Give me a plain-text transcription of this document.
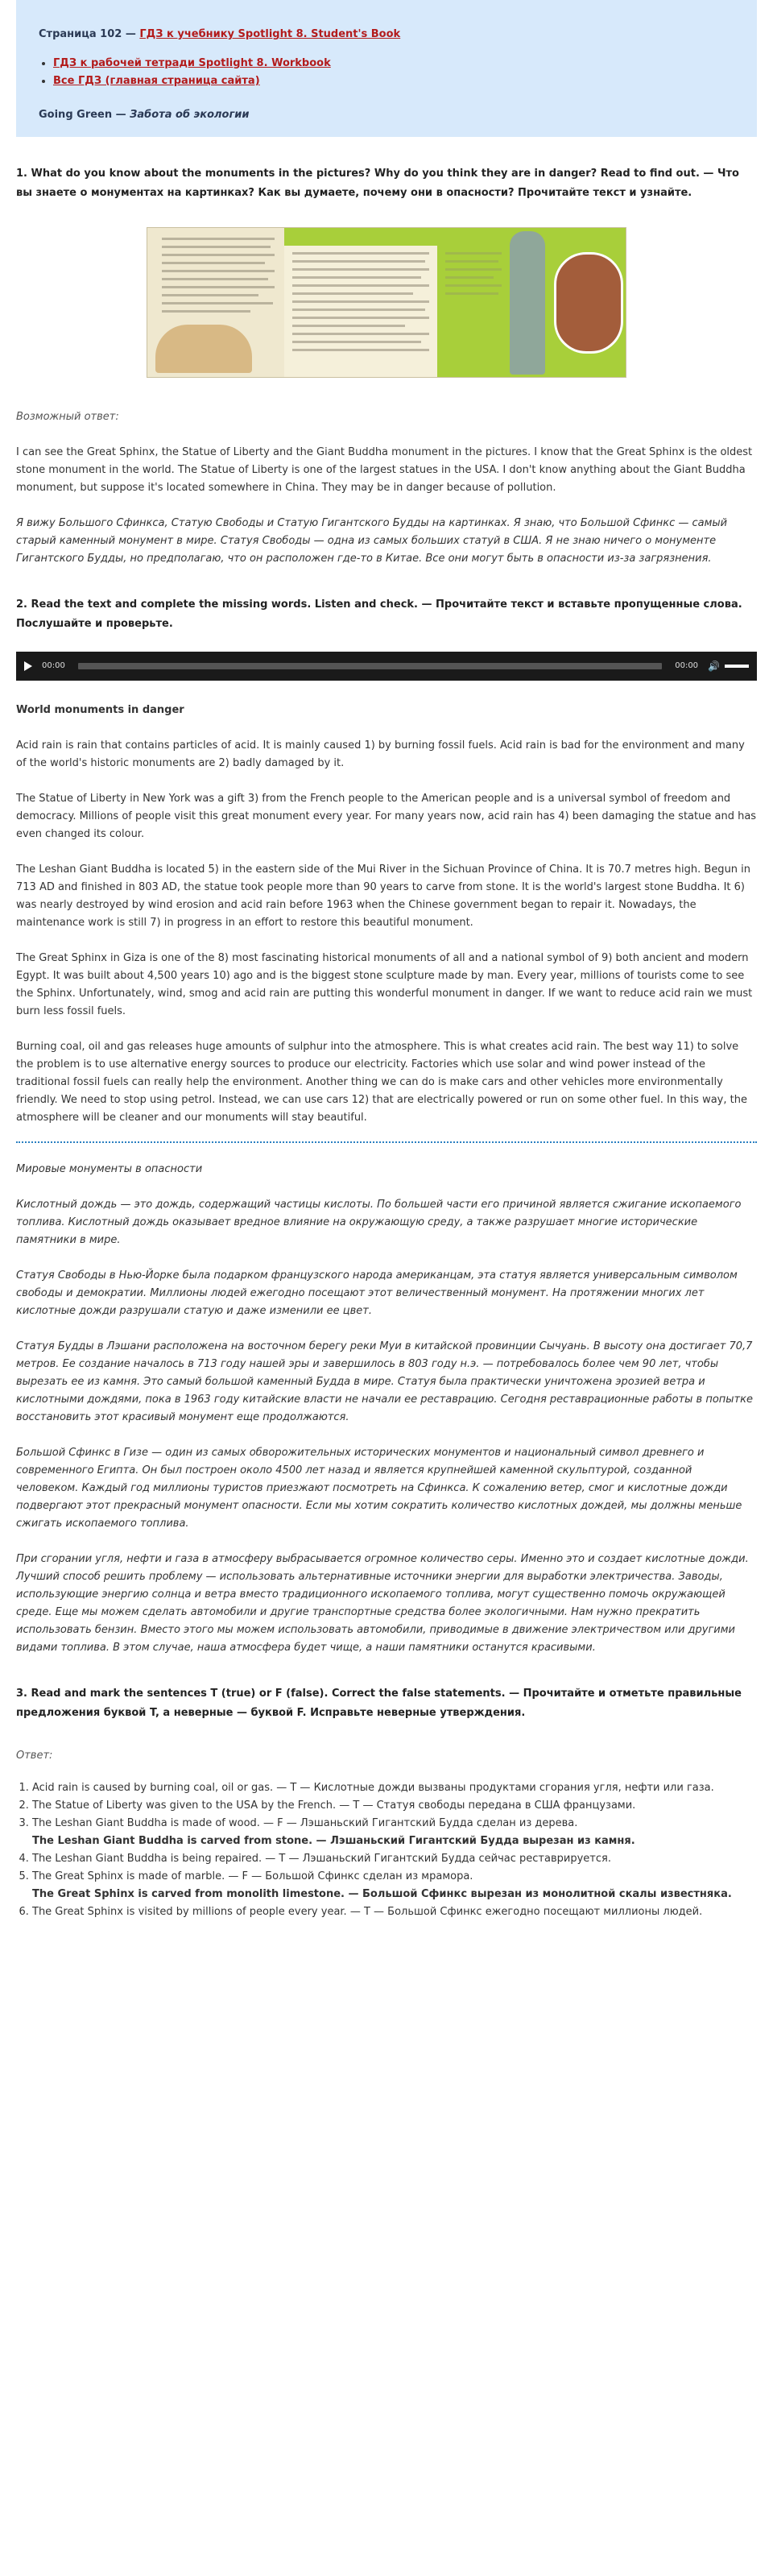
Страница 102 — ГДЗ к учебнику Spotlight 8. Student's Book
• ГДЗ к рабочей тетради Spotlight 8. Workbook
• Все ГДЗ (главная страница сайта)
Going Green — Забота об экологии
1. What do you know about the monuments in the pictures? Why do you think they are in danger? Read to find out. — Что вы знаете о монументах на картинках? Как вы думаете, почему они в опасности? Прочитайте текст и узнайте.

Возможный ответ:

I can see the Great Sphinx, the Statue of Liberty and the Giant Buddha monument in the pictures. I know that the Great Sphinx is the oldest stone monument in the world. The Statue of Liberty is one of the largest statues in the USA. I don't know anything about the Giant Buddha monument, but suppose it's located somewhere in China. They may be in danger because of pollution.

Я вижу Большого Сфинкса, Статую Свободы и Статую Гигантского Будды на картинках. Я знаю, что Большой Сфинкс — самый старый каменный монумент в мире. Статуя Свободы — одна из самых больших статуй в США. Я не знаю ничего о монументе Гигантского Будды, но предполагаю, что он расположен где-то в Китае. Все они могут быть в опасности из-за загрязнения.

2. Read the text and complete the missing words. Listen and check. — Прочитайте текст и вставьте пропущенные слова. Послушайте и проверьте.
00:00	00:00 🔊
World monuments in danger

Acid rain is rain that contains particles of acid. It is mainly caused 1) by burning fossil fuels. Acid rain is bad for the environment and many of the world's historic monuments are 2) badly damaged by it.

The Statue of Liberty in New York was a gift 3) from the French people to the American people and is a universal symbol of freedom and democracy. Millions of people visit this great monument every year. For many years now, acid rain has 4) been damaging the statue and has even changed its colour.

The Leshan Giant Buddha is located 5) in the eastern side of the Mui River in the Sichuan Province of China. It is 70.7 metres high. Begun in 713 AD and finished in 803 AD, the statue took people more than 90 years to carve from stone. It is the world's largest stone Buddha. It 6) was nearly destroyed by wind erosion and acid rain before 1963 when the Chinese government began to repair it. Nowadays, the maintenance work is still 7) in progress in an effort to restore this beautiful monument.

The Great Sphinx in Giza is one of the 8) most fascinating historical monuments of all and a national symbol of 9) both ancient and modern Egypt. It was built about 4,500 years 10) ago and is the biggest stone sculpture made by man. Every year, millions of tourists come to see the Sphinx. Unfortunately, wind, smog and acid rain are putting this wonderful monument in danger. If we want to reduce acid rain we must burn less fossil fuels.

Burning coal, oil and gas releases huge amounts of sulphur into the atmosphere. This is what creates acid rain. The best way 11) to solve the problem is to use alternative energy sources to produce our electricity. Factories which use solar and wind power instead of the traditional fossil fuels can really help the environment. Another thing we can do is make cars and other vehicles more environmentally friendly. We need to stop using petrol. Instead, we can use cars 12) that are electrically powered or run on some other fuel. In this way, the atmosphere will be cleaner and our monuments will stay beautiful.

Мировые монументы в опасности

Кислотный дождь — это дождь, содержащий частицы кислоты. По большей части его причиной является сжигание ископаемого топлива. Кислотный дождь оказывает вредное влияние на окружающую среду, а также разрушает многие исторические памятники в мире.

Статуя Свободы в Нью-Йорке была подарком французского народа американцам, эта статуя является универсальным символом свободы и демократии. Миллионы людей ежегодно посещают этот величественный монумент. На протяжении многих лет кислотные дожди разрушали статую и даже изменили ее цвет.

Статуя Будды в Лэшани расположена на восточном берегу реки Муи в китайской провинции Сычуань. В высоту она достигает 70,7 метров. Ее создание началось в 713 году нашей эры и завершилось в 803 году н.э. — потребовалось более чем 90 лет, чтобы вырезать ее из камня. Это самый большой каменный Будда в мире. Статуя была практически уничтожена эрозией ветра и кислотными дождями, пока в 1963 году китайские власти не начали ее реставрацию. Сегодня реставрационные работы в попытке восстановить этот красивый монумент еще продолжаются.

Большой Сфинкс в Гизе — один из самых обворожительных исторических монументов и национальный символ древнего и современного Египта. Он был построен около 4500 лет назад и является крупнейшей каменной скульптурой, созданной человеком. Каждый год миллионы туристов приезжают посмотреть на Сфинкса. К сожалению ветер, смог и кислотные дожди подвергают этот прекрасный монумент опасности. Если мы хотим сократить количество кислотных дождей, мы должны меньше сжигать ископаемого топлива.

При сгорании угля, нефти и газа в атмосферу выбрасывается огромное количество серы. Именно это и создает кислотные дожди. Лучший способ решить проблему — использовать альтернативные источники энергии для выработки электричества. Заводы, использующие энергию солнца и ветра вместо традиционного ископаемого топлива, могут существенно помочь окружающей среде. Еще мы можем сделать автомобили и другие транспортные средства более экологичными. Нам нужно прекратить использовать бензин. Вместо этого мы можем использовать автомобили, приводимые в движение электричеством или другими видами топлива. В этом случае, наша атмосфера будет чище, а наши памятники останутся красивыми.

3. Read and mark the sentences T (true) or F (false). Correct the false statements. — Прочитайте и отметьте правильные предложения буквой T, а неверные — буквой F. Исправьте неверные утверждения.

Ответ:

1. Acid rain is caused by burning coal, oil or gas. — T — Кислотные дожди вызваны продуктами сгорания угля, нефти или газа.
2. The Statue of Liberty was given to the USA by the French. — T — Статуя свободы передана в США французами.
3. The Leshan Giant Buddha is made of wood. — F — Лэшаньский Гигантский Будда сделан из дерева.
The Leshan Giant Buddha is carved from stone. — Лэшаньский Гигантский Будда вырезан из камня.
4. The Leshan Giant Buddha is being repaired. — T — Лэшаньский Гигантский Будда сейчас реставрируется.
5. The Great Sphinx is made of marble. — F — Большой Сфинкс сделан из мрамора.
The Great Sphinx is carved from monolith limestone. — Большой Сфинкс вырезан из монолитной скалы известняка.
6. The Great Sphinx is visited by millions of people every year. — T — Большой Сфинкс ежегодно посещают миллионы людей.
